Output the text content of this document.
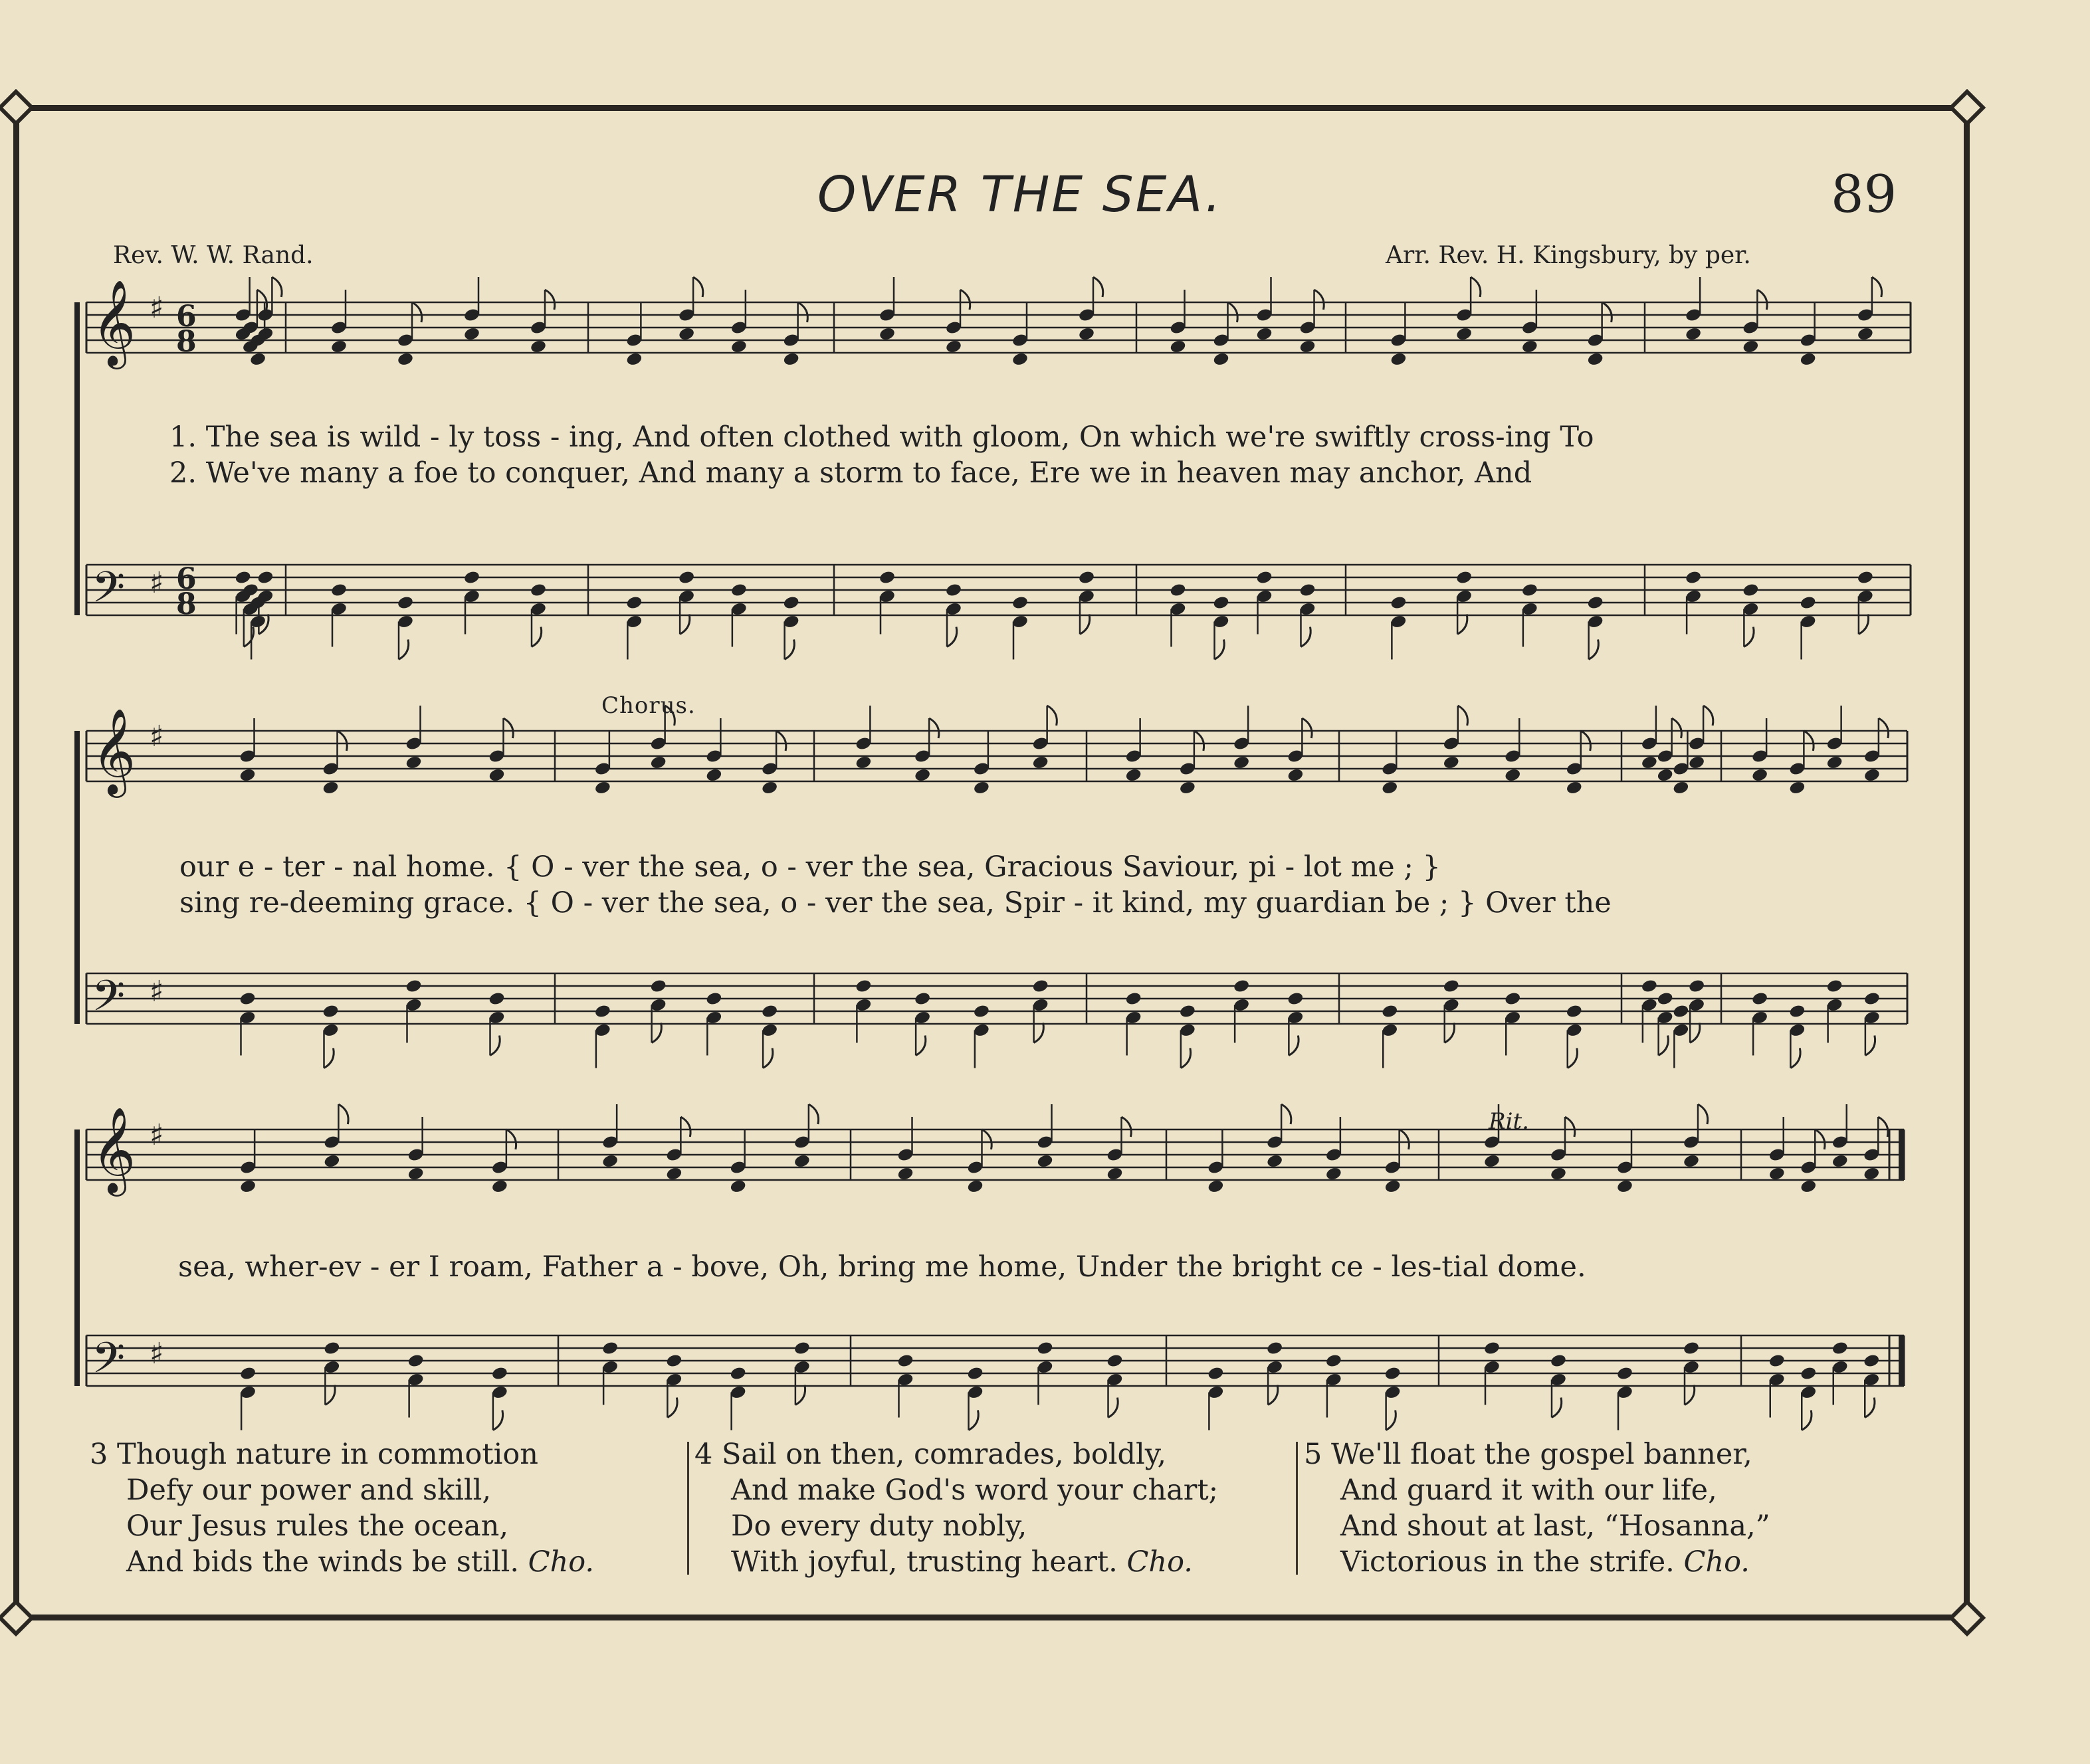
OVER THE SEA.	89
Rev. W. W. Rand.	Arr. Rev. H. Kingsbury, by per.
𝄞 ♯ 6
8
𝄢 ♯ 6
8
𝄞 ♯
𝄢 ♯
𝄞 ♯
𝄢 ♯
Chorus.
Rit.
1. The sea is wild - ly toss - ing, And often clothed with gloom, On which we're swiftly cross-ing To
2. We've many a foe to conquer, And many a storm to face, Ere we in heaven may anchor, And
our e - ter - nal home. { O - ver the sea, o - ver the sea, Gracious Saviour, pi - lot me ; }
sing re-deeming grace. { O - ver the sea, o - ver the sea, Spir - it kind, my guardian be ; } Over the
sea, wher-ev - er I roam, Father a - bove, Oh, bring me home, Under the bright ce - les-tial dome.
3 Though nature in commotion
Defy our power and skill,
Our Jesus rules the ocean,
And bids the winds be still. Cho.
4 Sail on then, comrades, boldly,
And make God's word your chart;
Do every duty nobly,
With joyful, trusting heart. Cho.
5 We'll float the gospel banner,
And guard it with our life,
And shout at last, “Hosanna,”
Victorious in the strife. Cho.
